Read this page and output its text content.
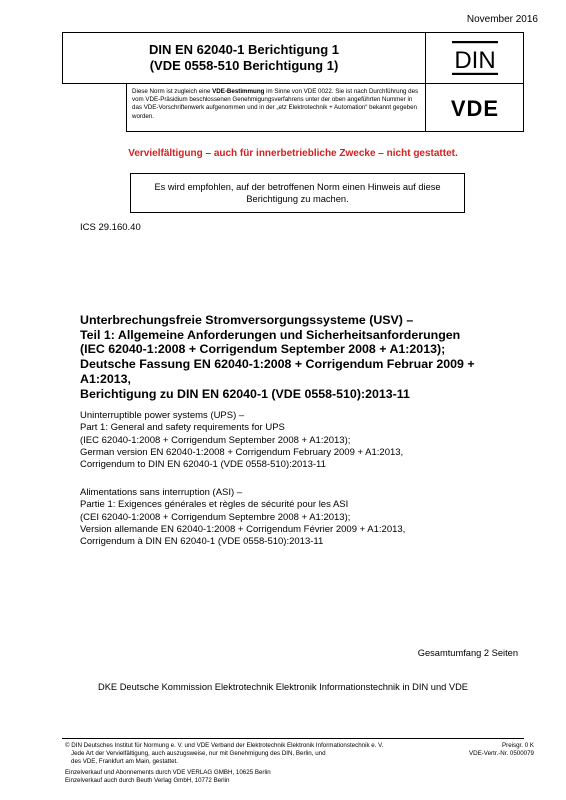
November 2016
DIN EN 62040-1 Berichtigung 1
(VDE 0558-510 Berichtigung 1)	DIN
Diese Norm ist zugleich eine VDE-Bestimmung im Sinne von VDE 0022. Sie ist nach Durchführung des vom VDE-Präsidium beschlossenen Genehmigungsverfahrens unter der oben angeführten Nummer in das VDE-Vorschriftenwerk aufgenommen und in der „etz Elektrotechnik + Automation“ bekannt gegeben worden.	VDE
Vervielfältigung – auch für innerbetriebliche Zwecke – nicht gestattet.
Es wird empfohlen, auf der betroffenen Norm einen Hinweis auf diese Berichtigung zu machen.
ICS 29.160.40
Unterbrechungsfreie Stromversorgungssysteme (USV) –
Teil 1: Allgemeine Anforderungen und Sicherheitsanforderungen
(IEC 62040-1:2008 + Corrigendum September 2008 + A1:2013);
Deutsche Fassung EN 62040-1:2008 + Corrigendum Februar 2009 +
A1:2013,
Berichtigung zu DIN EN 62040-1 (VDE 0558-510):2013-11
Uninterruptible power systems (UPS) –
Part 1: General and safety requirements for UPS
(IEC 62040-1:2008 + Corrigendum September 2008 + A1:2013);
German version EN 62040-1:2008 + Corrigendum February 2009 + A1:2013,
Corrigendum to DIN EN 62040-1 (VDE 0558-510):2013-11
Alimentations sans interruption (ASI) –
Partie 1: Exigences générales et règles de sécurité pour les ASI
(CEI 62040-1:2008 + Corrigendum Septembre 2008 + A1:2013);
Version allemande EN 62040-1:2008 + Corrigendum Février 2009 + A1:2013,
Corrigendum à DIN EN 62040-1 (VDE 0558-510):2013-11
Gesamtumfang 2 Seiten
DKE Deutsche Kommission Elektrotechnik Elektronik Informationstechnik in DIN und VDE
© DIN Deutsches Institut für Normung e. V. und VDE Verband der Elektrotechnik Elektronik Informationstechnik e. V.
Jede Art der Vervielfältigung, auch auszugsweise, nur mit Genehmigung des DIN, Berlin, und
des VDE, Frankfurt am Main, gestattet.
Preisgr. 0 K
VDE-Vertr.-Nr. 0500079
Einzelverkauf und Abonnements durch VDE VERLAG GMBH, 10625 Berlin
Einzelverkauf auch durch Beuth Verlag GmbH, 10772 Berlin
